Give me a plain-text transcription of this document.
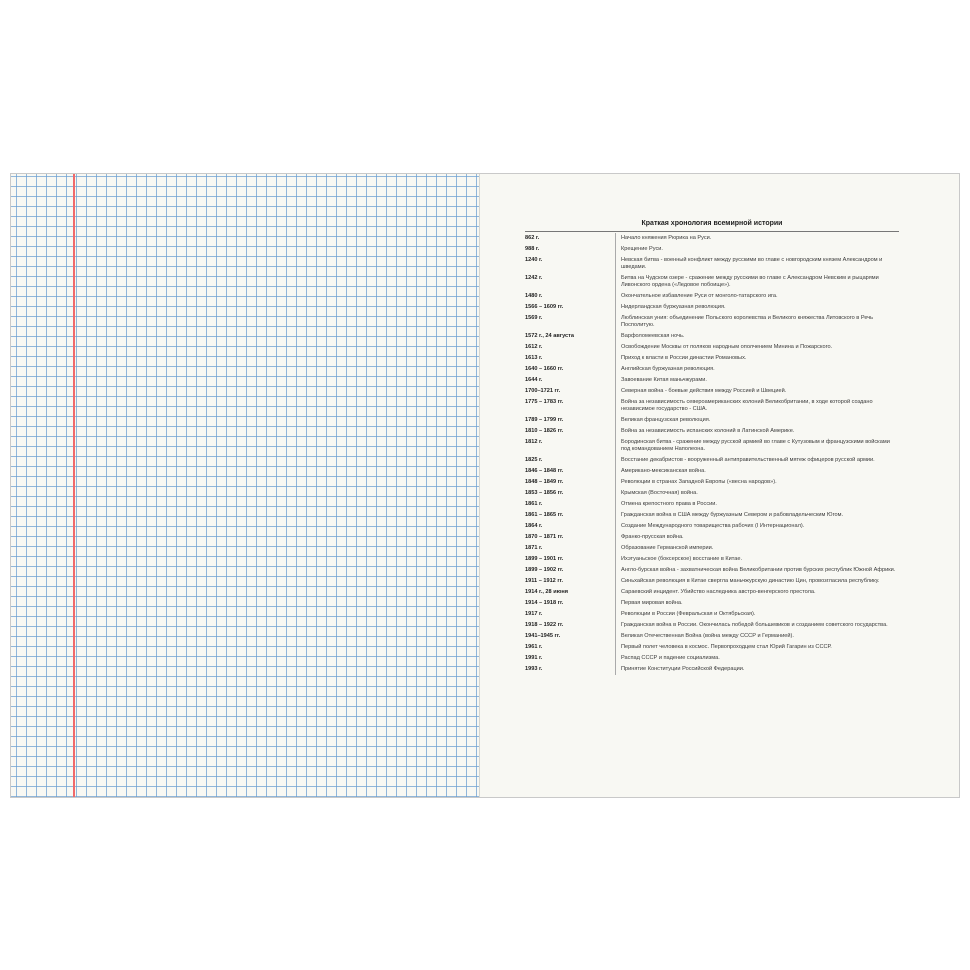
Краткая хронология всемирной истории
862 г.	Начало княжения Рюрика на Руси.
988 г.	Крещение Руси.
1240 г.	Невская битва - военный конфликт между русскими во главе с новгородским князем Александром и шведами.
1242 г.	Битва на Чудском озере - сражение между русскими во главе с Александром Невским и рыцарями Ливонского ордена («Ледовое побоище»).
1480 г.	Окончательное избавление Руси от монголо-татарского ига.
1566 – 1609 гг.	Нидерландская буржуазная революция.
1569 г.	Люблинская уния: объединение Польского королевства и Великого княжества Литовского в Речь Посполитую.
1572 г., 24 августа	Варфоломеевская ночь.
1612 г.	Освобождение Москвы от поляков народным ополчением Минина и Пожарского.
1613 г.	Приход к власти в России династии Романовых.
1640 – 1660 гг.	Английская буржуазная революция.
1644 г.	Завоевание Китая маньчжурами.
1700–1721 гг.	Северная война - боевые действия между Россией и Швецией.
1775 – 1783 гг.	Война за независимость североамериканских колоний Великобритании, в ходе которой создано независимое государство - США.
1789 – 1799 гг.	Великая французская революция.
1810 – 1826 гг.	Война за независимость испанских колоний в Латинской Америке.
1812 г.	Бородинская битва - сражение между русской армией во главе с Кутузовым и французскими войсками под командованием Наполеона.
1825 г.	Восстание декабристов - вооруженный антиправительственный мятеж офицеров русской армии.
1846 – 1848 гг.	Американо-мексиканская война.
1848 – 1849 гг.	Революции в странах Западной Европы («весна народов»).
1853 – 1856 гг.	Крымская (Восточная) война.
1861 г.	Отмена крепостного права в России.
1861 – 1865 гг.	Гражданская война в США между буржуазным Севером и рабовладельческим Югом.
1864 г.	Создание Международного товарищества рабочих (I Интернационал).
1870 – 1871 гг.	Франко-прусская война.
1871 г.	Образование Германской империи.
1899 – 1901 гг.	Ихэтуаньское (боксерское) восстание в Китае.
1899 – 1902 гг.	Англо-бурская война - захватническая война Великобритании против бурских республик Южной Африки.
1911 – 1912 гг.	Синьхайская революция в Китае свергла маньчжурскую династию Цин, провозгласила республику.
1914 г., 28 июня	Сараевский инцидент. Убийство наследника австро-венгерского престола.
1914 – 1918 гг.	Первая мировая война.
1917 г.	Революции в России (Февральская и Октябрьская).
1918 – 1922 гг.	Гражданская война в России. Окончилась победой большевиков и созданием советского государства.
1941–1945 гг.	Великая Отечественная Война (война между СССР и Германией).
1961 г.	Первый полет человека в космос. Первопроходцем стал Юрий Гагарин из СССР.
1991 г.	Распад СССР и падение социализма.
1993 г.	Принятие Конституции Российской Федерации.
